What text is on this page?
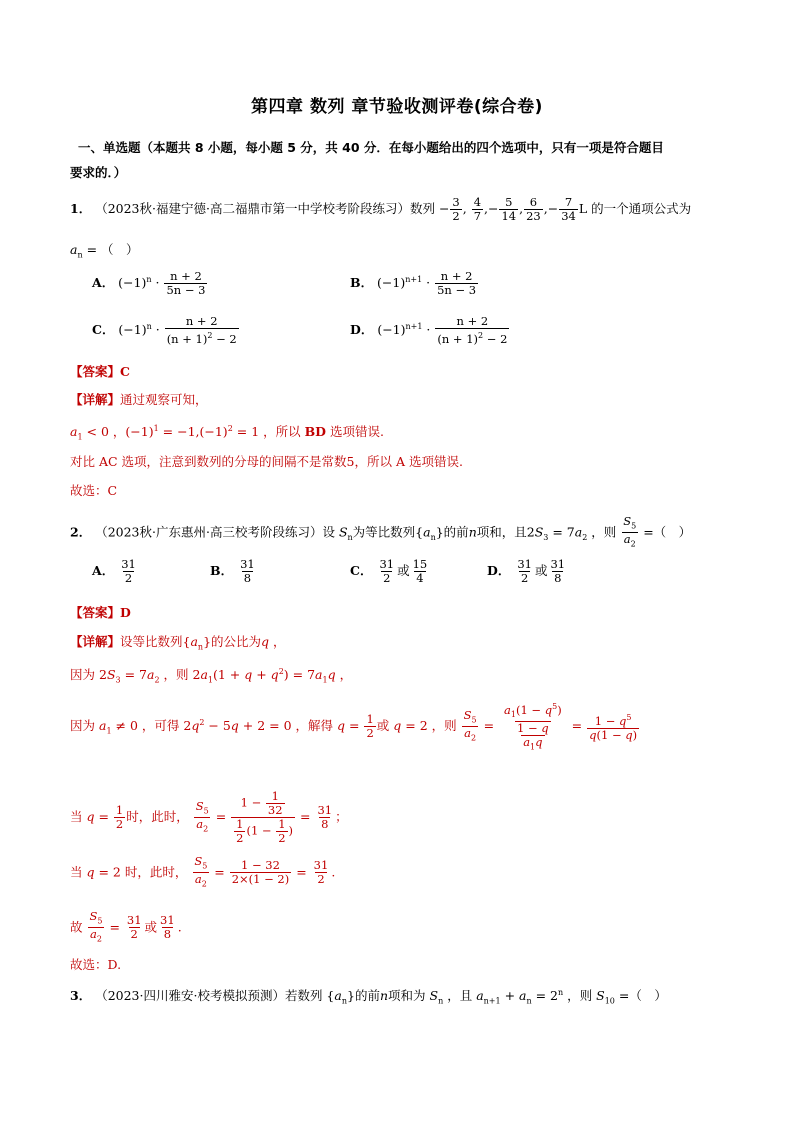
第四章 数列 章节验收测评卷(综合卷)
一、单选题（本题共 8 小题，每小题 5 分，共 40 分．在每小题给出的四个选项中，只有一项是符合题目
要求的．）
1． （2023秋·福建宁德·高二福鼎市第一中学校考阶段练习）数列 − $\frac{3}{2}$ , $\frac{4}{7}$ ,− $\frac{5}{14}$ , $\frac{6}{23}$ ,− $\frac{7}{34}$ L 的一个通项公式为
$a_n$ = （　）
A． $(-1)^n \cdot \frac{n + 2}{5n - 3}$	B． $(-1)^{n+1} \cdot \frac{n + 2}{5n - 3}$
C． $(-1)^n \cdot \frac{n + 2}{(n + 1)^2 - 2}$	D． $(-1)^{n+1} \cdot \frac{n + 2}{(n + 1)^2 - 2}$
【答案】C
【详解】通过观察可知，
$a_1 < 0$ ，$(-1)^1 = -1,(-1)^2 = 1$ ，所以 BD 选项错误.
对比 AC 选项，注意到数列的分母的间隔不是常数5，所以 A 选项错误.
故选：C
2． （2023秋·广东惠州·高三校考阶段练习）设 $S_n$为等比数列$\{a_n\}$的前n项和，且$2S_3 = 7a_2$ ，则 $\frac{S_5}{a_2}$ =（　）
A． $\frac{31}{2}$	B． $\frac{31}{8}$	C． $\frac{31}{2}$ 或 $\frac{15}{4}$	D． $\frac{31}{2}$ 或 $\frac{31}{8}$
【答案】D
【详解】设等比数列$\{a_n\}$的公比为q ，
因为 $2S_3 = 7a_2$ ，则 $2a_1(1 + q + q^2) = 7a_1q$ ，
因为 $a_1 \ne 0$ ，可得 $2q^2 - 5q + 2 = 0$ ，解得 $q = \frac{1}{2}$ 或 q = 2 ，则 $\frac{S_5}{a_2} = \frac{\frac{a_1(1 - q^5)}{1 - q}}{a_1q} = \frac{1 - q^5}{q(1 - q)}$
当 $q = \frac{1}{2}$ 时，此时， $\frac{S_5}{a_2} = \frac{1 - \frac{1}{32}}{\frac{1}{2} (1 - \frac{1}{2} )} = \frac{31}{8}$ ；
当 q = 2 时，此时， $\frac{S_5}{a_2} = \frac{1 - 32}{2\times(1 - 2)} = \frac{31}{2}$ .
故 $\frac{S_5}{a_2} = \frac{31}{2}$ 或 $\frac{31}{8}$ .
故选：D.
3． （2023·四川雅安·校考模拟预测）若数列 $\{a_n\}$的前n项和为 $S_n$ ，且 $a_{n+1} + a_n = 2^n$ ，则 $S_{10}$ =（　）
